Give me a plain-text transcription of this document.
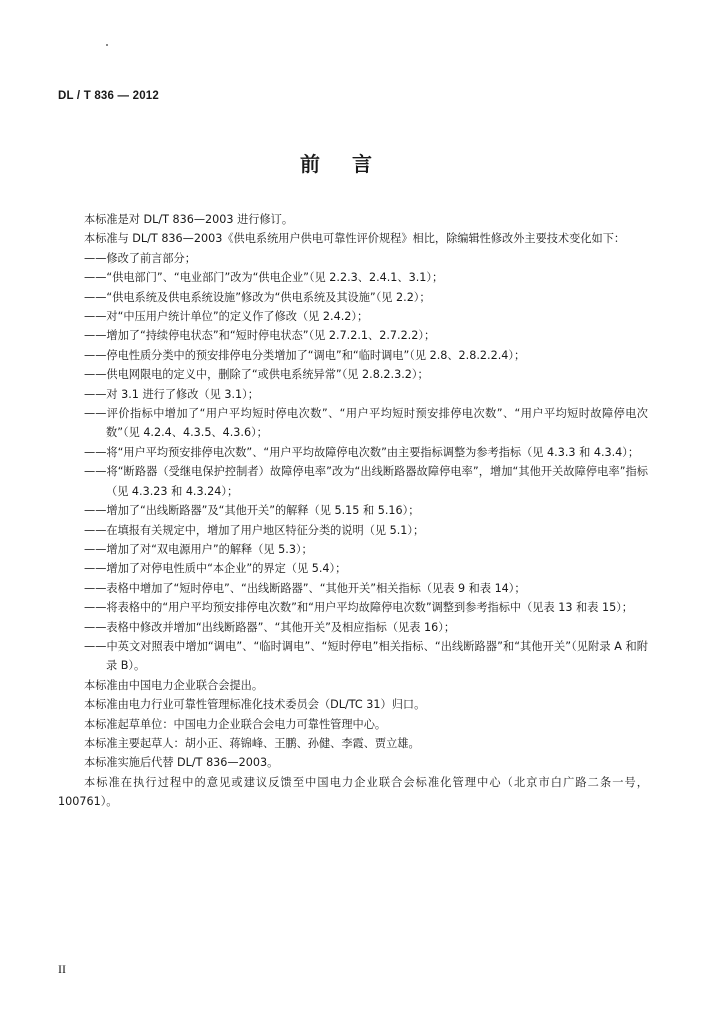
DL / T 836 — 2012
前言

本标准是对 DL/T 836—2003 进行修订。

本标准与 DL/T 836—2003《供电系统用户供电可靠性评价规程》相比，除编辑性修改外主要技术变化如下：

——修改了前言部分；

——“供电部门”、“电业部门”改为“供电企业”（见 2.2.3、2.4.1、3.1）；

——“供电系统及供电系统设施”修改为“供电系统及其设施”（见 2.2）；

——对“中压用户统计单位”的定义作了修改（见 2.4.2）；

——增加了“持续停电状态”和“短时停电状态”（见 2.7.2.1、2.7.2.2）；

——停电性质分类中的预安排停电分类增加了“调电”和“临时调电”（见 2.8、2.8.2.2.4）；

——供电网限电的定义中，删除了“或供电系统异常”（见 2.8.2.3.2）；

——对 3.1 进行了修改（见 3.1）；

——评价指标中增加了“用户平均短时停电次数”、“用户平均短时预安排停电次数”、“用户平均短时故障停电次数”（见 4.2.4、4.3.5、4.3.6）；

——将“用户平均预安排停电次数”、“用户平均故障停电次数”由主要指标调整为参考指标（见 4.3.3 和 4.3.4）；

——将“断路器（受继电保护控制者）故障停电率”改为“出线断路器故障停电率”，增加“其他开关故障停电率”指标（见 4.3.23 和 4.3.24）；

——增加了“出线断路器”及“其他开关”的解释（见 5.15 和 5.16）；

——在填报有关规定中，增加了用户地区特征分类的说明（见 5.1）；

——增加了对“双电源用户”的解释（见 5.3）；

——增加了对停电性质中“本企业”的界定（见 5.4）；

——表格中增加了“短时停电”、“出线断路器”、“其他开关”相关指标（见表 9 和表 14）；

——将表格中的“用户平均预安排停电次数”和“用户平均故障停电次数”调整到参考指标中（见表 13 和表 15）；

——表格中修改并增加“出线断路器”、“其他开关”及相应指标（见表 16）；

——中英文对照表中增加“调电”、“临时调电”、“短时停电”相关指标、“出线断路器”和“其他开关”（见附录 A 和附录 B）。

本标准由中国电力企业联合会提出。

本标准由电力行业可靠性管理标准化技术委员会（DL/TC 31）归口。

本标准起草单位：中国电力企业联合会电力可靠性管理中心。

本标准主要起草人：胡小正、蒋锦峰、王鹏、孙健、李霞、贾立雄。

本标准实施后代替 DL/T 836—2003。

本标准在执行过程中的意见或建议反馈至中国电力企业联合会标准化管理中心（北京市白广路二条一号，100761）。

II
